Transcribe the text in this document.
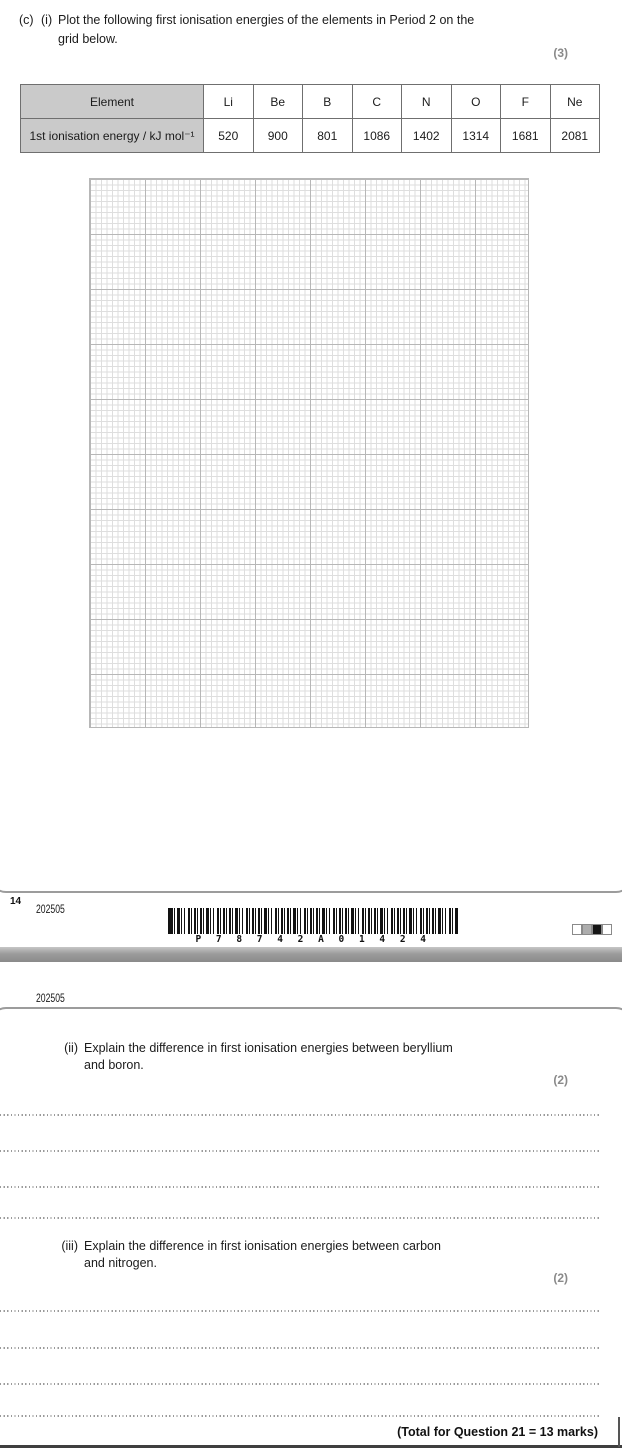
(c) (i) Plot the following first ionisation energies of the elements in Period 2 on the
grid below.
(3)
Element	Li	Be	B	C	N	O	F	Ne
1st ionisation energy / kJ mol⁻¹	520	900	801	1086	1402	1314	1681	2081
14
202505
P 7 8 7 4 2 A 0 1 4 2 4
202505
(ii) Explain the difference in first ionisation energies between beryllium
and boron.
(2)
(iii) Explain the difference in first ionisation energies between carbon
and nitrogen.
(2)
(Total for Question 21 = 13 marks)
